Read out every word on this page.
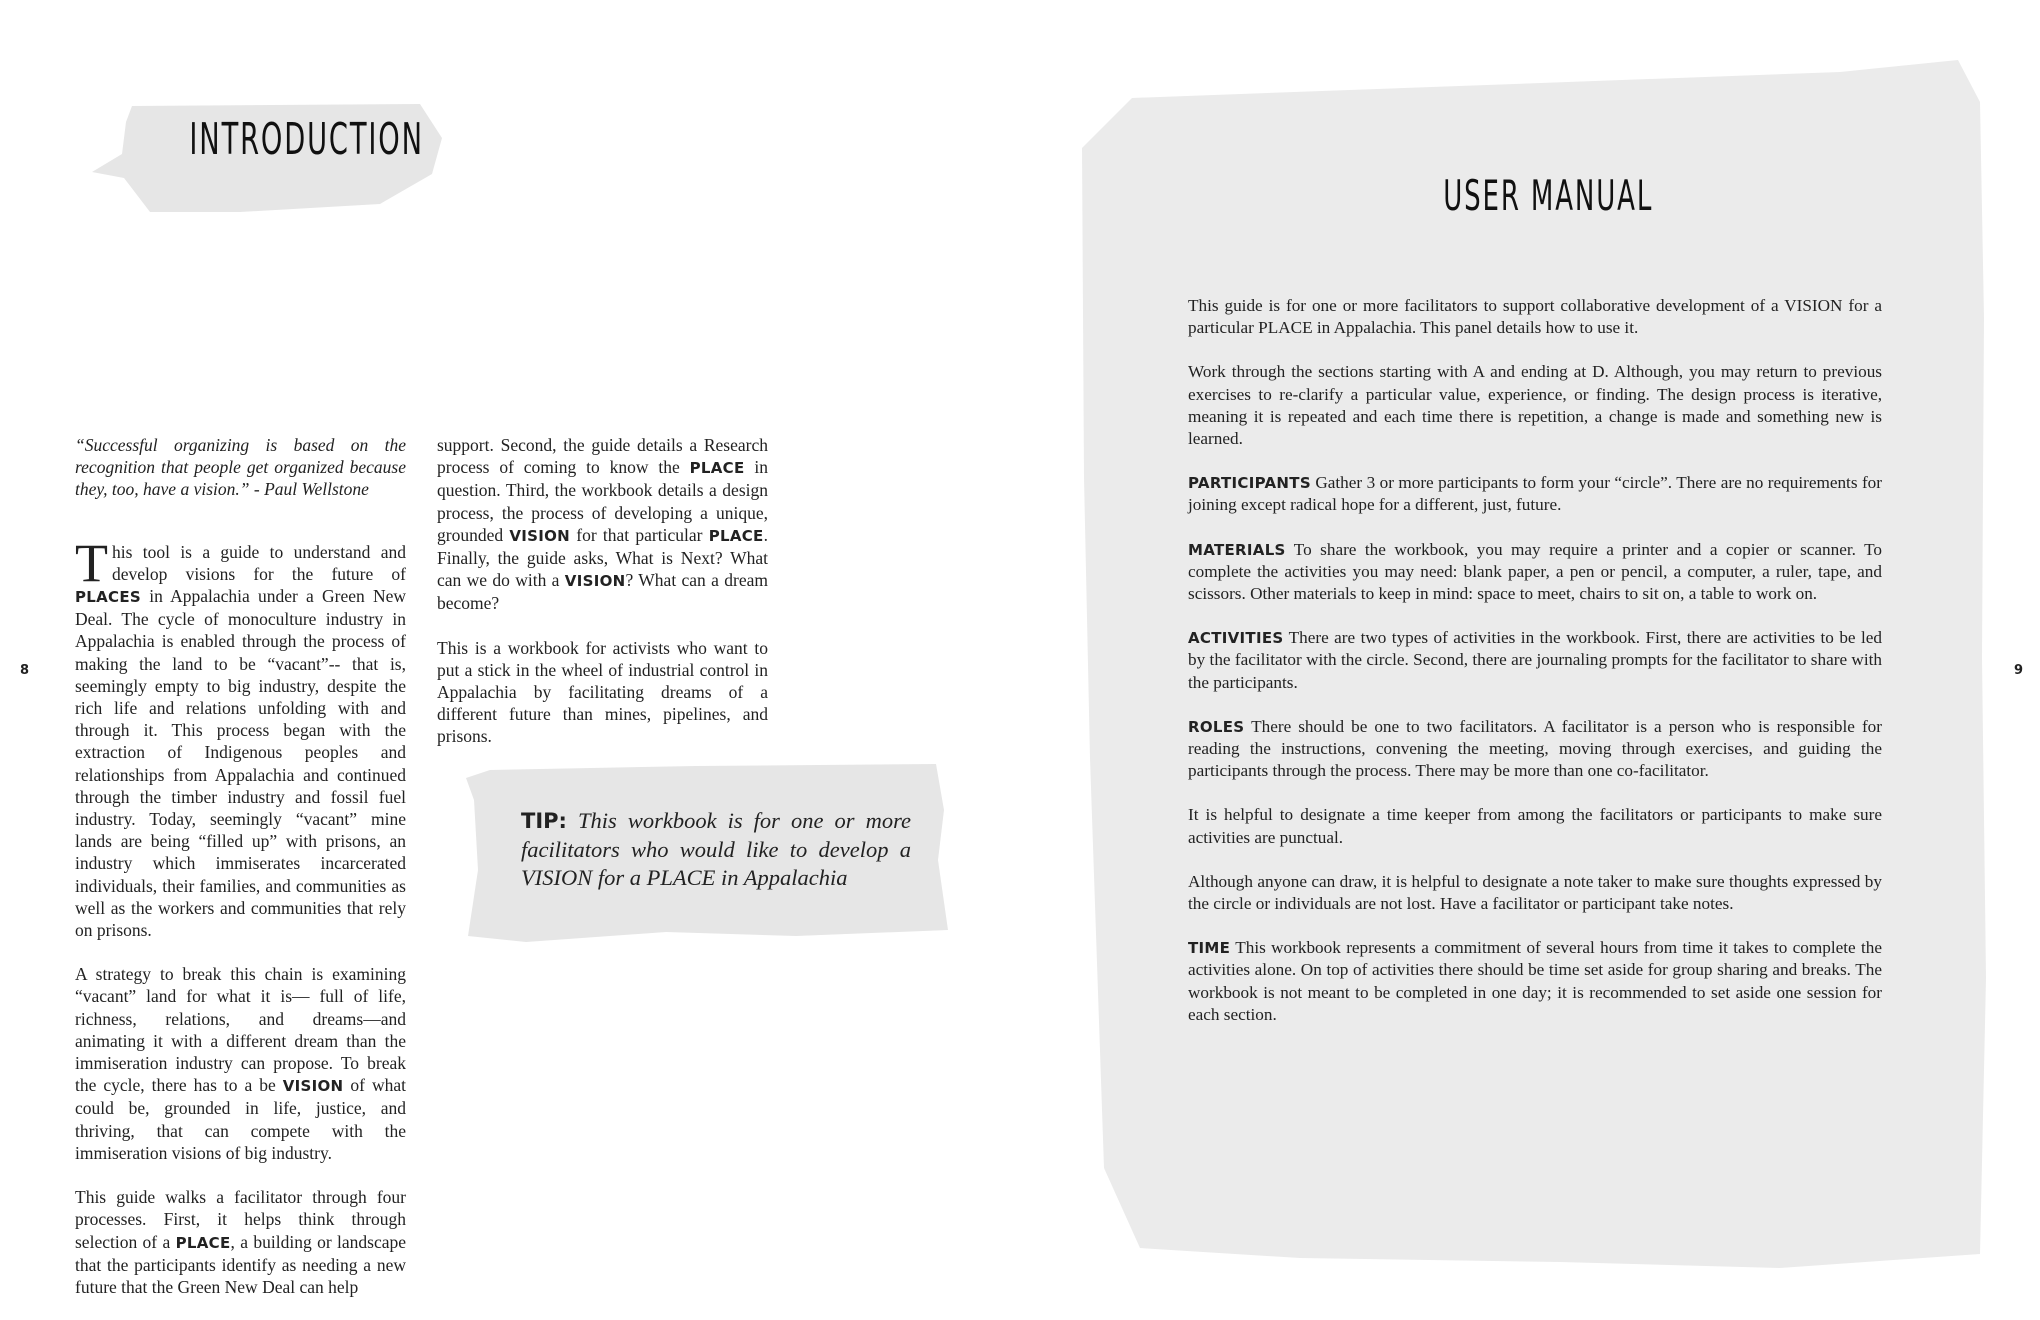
INTRODUCTION

“Successful organizing is based on the recognition that people get organized because they, too, have a vision.” - Paul Wellstone

This tool is a guide to understand and develop visions for the future of PLACES in Appalachia under a Green New Deal. The cycle of monoculture industry in Appalachia is enabled through the process of making the land to be “vacant”-- that is, seemingly empty to big industry, despite the rich life and relations unfolding with and through it. This process began with the extraction of Indigenous peoples and relationships from Appalachia and continued through the timber industry and fossil fuel industry. Today, seemingly “vacant” mine lands are being “filled up” with prisons, an industry which immiserates incarcerated individuals, their families, and communities as well as the workers and communities that rely on prisons.

A strategy to break this chain is examining “vacant” land for what it is— full of life, richness, relations, and dreams—and animating it with a different dream than the immiseration industry can propose. To break the cycle, there has to a be VISION of what could be, grounded in life, justice, and thriving, that can compete with the immiseration visions of big industry.

This guide walks a facilitator through four processes. First, it helps think through selection of a PLACE, a building or landscape that the participants identify as needing a new future that the Green New Deal can help

support. Second, the guide details a Research process of coming to know the PLACE in question. Third, the workbook details a design process, the process of developing a unique, grounded VISION for that particular PLACE. Finally, the guide asks, What is Next? What can we do with a VISION? What can a dream become?

This is a workbook for activists who want to put a stick in the wheel of industrial control in Appalachia by facilitating dreams of a different future than mines, pipelines, and prisons.

TIP: This workbook is for one or more facilitators who would like to develop a VISION for a PLACE in Appalachia
8
USER MANUAL

This guide is for one or more facilitators to support collaborative development of a VISION for a particular PLACE in Appalachia. This panel details how to use it.

Work through the sections starting with A and ending at D. Although, you may return to previous exercises to re-clarify a particular value, experience, or finding. The design process is iterative, meaning it is repeated and each time there is repetition, a change is made and something new is learned.

PARTICIPANTS Gather 3 or more participants to form your “circle”. There are no requirements for joining except radical hope for a different, just, future.

MATERIALS To share the workbook, you may require a printer and a copier or scanner. To complete the activities you may need: blank paper, a pen or pencil, a computer, a ruler, tape, and scissors. Other materials to keep in mind: space to meet, chairs to sit on, a table to work on.

ACTIVITIES There are two types of activities in the workbook. First, there are activities to be led by the facilitator with the circle. Second, there are journaling prompts for the facilitator to share with the participants.

ROLES There should be one to two facilitators. A facilitator is a person who is responsible for reading the instructions, convening the meeting, moving through exercises, and guiding the participants through the process. There may be more than one co-facilitator.

It is helpful to designate a time keeper from among the facilitators or participants to make sure activities are punctual.

Although anyone can draw, it is helpful to designate a note taker to make sure thoughts expressed by the circle or individuals are not lost. Have a facilitator or participant take notes.

TIME This workbook represents a commitment of several hours from time it takes to complete the activities alone. On top of activities there should be time set aside for group sharing and breaks. The workbook is not meant to be completed in one day; it is recommended to set aside one session for each section.

9
